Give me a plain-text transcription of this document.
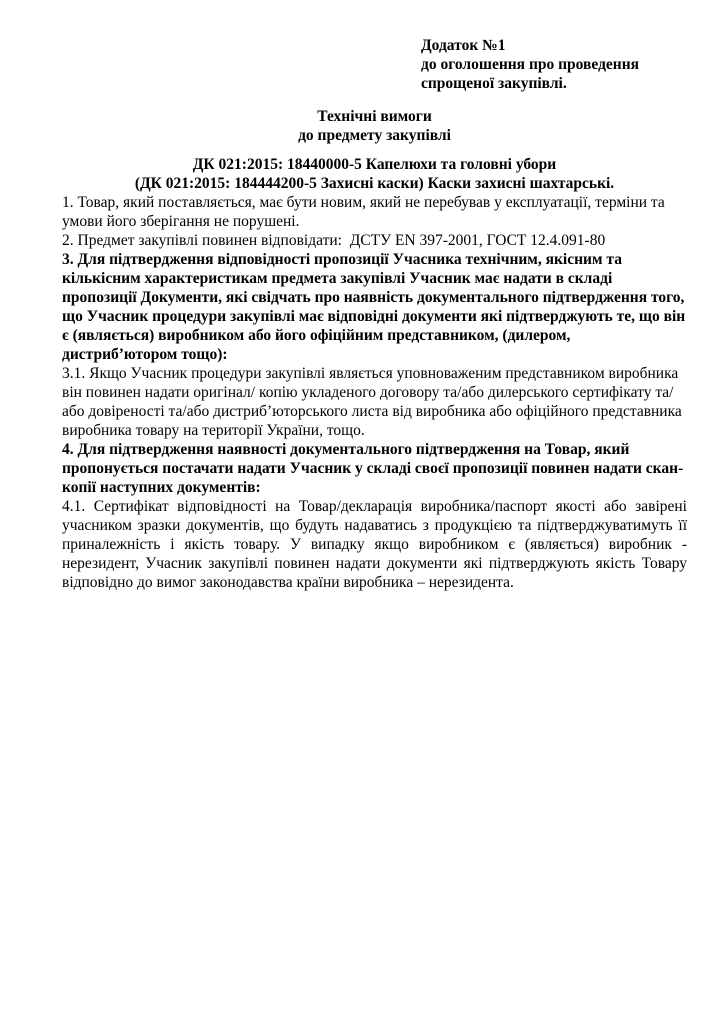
Додаток №1
до оголошення про проведення
спрощеної закупівлі.
Технічні вимоги
до предмету закупівлі
ДК 021:2015: 18440000-5 Капелюхи та головні убори
(ДК 021:2015: 184444200-5 Захисні каски) Каски захисні шахтарські.

1. Товар, який поставляється, має бути новим, який не перебував у експлуатації, терміни та умови його зберігання не порушені.

2. Предмет закупівлі повинен відповідати:  ДСТУ EN 397-2001, ГОСТ 12.4.091-80

3. Для підтвердження відповідності пропозиції Учасника технічним, якісним та кількісним характеристикам предмета закупівлі Учасник має надати в складі пропозиції Документи, які свідчать про наявність документального підтвердження того, що Учасник процедури закупівлі має відповідні документи які підтверджують те, що він є (являється) виробником або його офіційним представником, (дилером, дистриб’ютором тощо):

3.1. Якщо Учасник процедури закупівлі являється уповноваженим представником виробника він повинен надати оригінал/ копію укладеного договору та/або дилерського сертифікату та/або довіреності та/або дистриб’юторського листа від виробника або офіційного представника виробника товару на території України, тощо.

4. Для підтвердження наявності документального підтвердження на Товар, який пропонується постачати надати Учасник у складі своєї пропозиції повинен надати скан- копії наступних документів:

4.1. Сертифікат відповідності на Товар/декларація виробника/паспорт якості або завірені учасником зразки документів, що будуть надаватись з продукцією та підтверджуватимуть її приналежність і якість товару. У випадку якщо виробником є (являється) виробник - нерезидент, Учасник закупівлі повинен надати документи які підтверджують якість Товару відповідно до вимог законодавства країни виробника – нерезидента.
